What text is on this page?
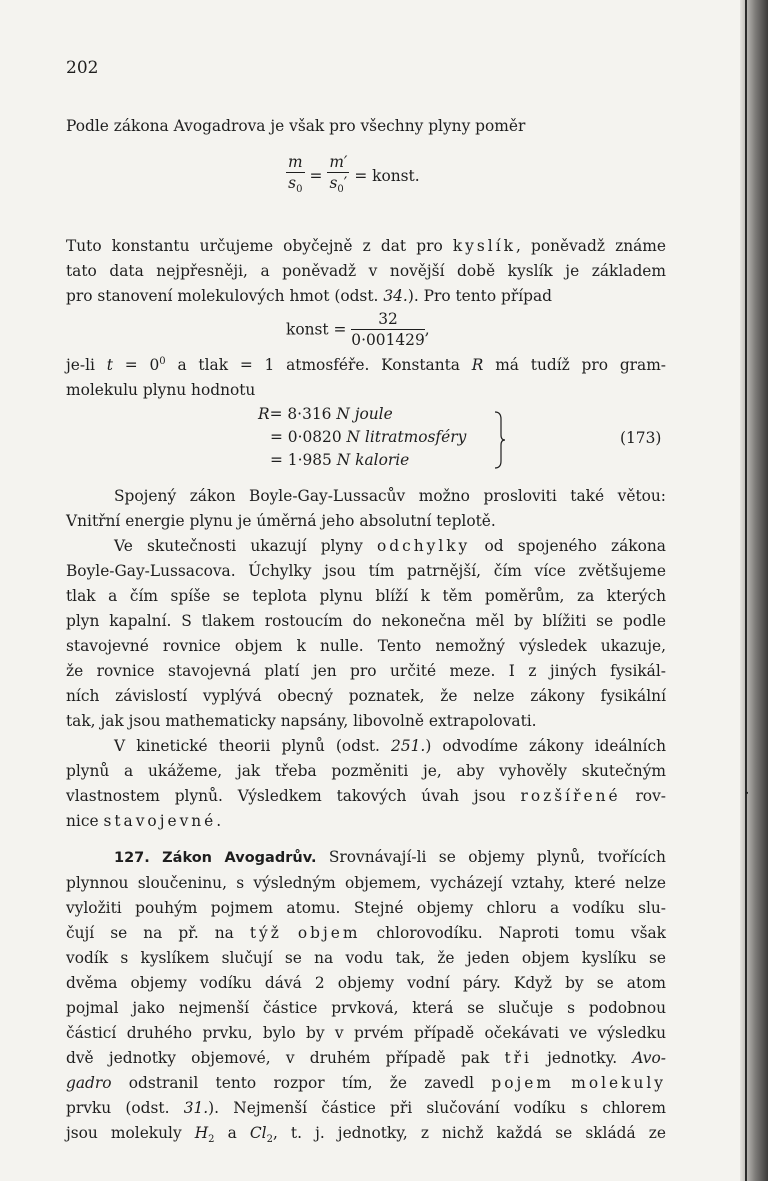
202

Podle zákona Avogadrova je však pro všechny plyny poměr

$\frac{m}{s_0} = \frac{m'}{s_0'}$ = konst.

Tuto konstantu určujeme obyčejně z dat pro kyslík, poněvadž známe
tato data nejpřesněji, a poněvadž v novější době kyslík je základem
pro stanovení molekulových hmot (odst. 34.). Pro tento případ

konst = $\frac{32}{0\cdot 001429}$ ,

je-li $t = 0^0$ a tlak = 1 atmosféře. Konstanta R má tudíž pro gram-
molekulu plynu hodnotu

R= 8·316 N joule
= 0·0820 N litratmosféry
= 1·985 N kalorie
(173)

Spojený zákon Boyle-Gay-Lussacův možno prosloviti také větou:
Vnitřní energie plynu je úměrná jeho absolutní teplotě.

Ve skutečnosti ukazují plyny odchylky od spojeného zákona
Boyle-Gay-Lussacova. Úchylky jsou tím patrnější, čím více zvětšujeme
tlak a čím spíše se teplota plynu blíží k těm poměrům, za kterých
plyn kapalní. S tlakem rostoucím do nekonečna měl by blížiti se podle
stavojevné rovnice objem k nulle. Tento nemožný výsledek ukazuje,
že rovnice stavojevná platí jen pro určité meze. I z jiných fysikál-
ních závislostí vyplývá obecný poznatek, že nelze zákony fysikální
tak, jak jsou mathematicky napsány, libovolně extrapolovati.

V kinetické theorii plynů (odst. 251.) odvodíme zákony ideálních
plynů a ukážeme, jak třeba pozměniti je, aby vyhověly skutečným
vlastnostem plynů. Výsledkem takových úvah jsou rozšířené rov-
nice stavojevné.

127. Zákon Avogadrův. Srovnávají-li se objemy plynů, tvořících
plynnou sloučeninu, s výsledným objemem, vycházejí vztahy, které nelze
vyložiti pouhým pojmem atomu. Stejné objemy chloru a vodíku slu-
čují se na př. na týž objem chlorovodíku. Naproti tomu však
vodík s kyslíkem slučují se na vodu tak, že jeden objem kyslíku se
dvěma objemy vodíku dává 2 objemy vodní páry. Když by se atom
pojmal jako nejmenší částice prvková, která se slučuje s podobnou
částicí druhého prvku, bylo by v prvém případě očekávati ve výsledku
dvě jednotky objemové, v druhém případě pak tři jednotky. Avo-
gadro odstranil tento rozpor tím, že zavedl pojem molekuly
prvku (odst. 31.). Nejmenší částice při slučování vodíku s chlorem
jsou molekuly $H_2$ a $Cl_2$, t. j. jednotky, z nichž každá se skládá ze

·
